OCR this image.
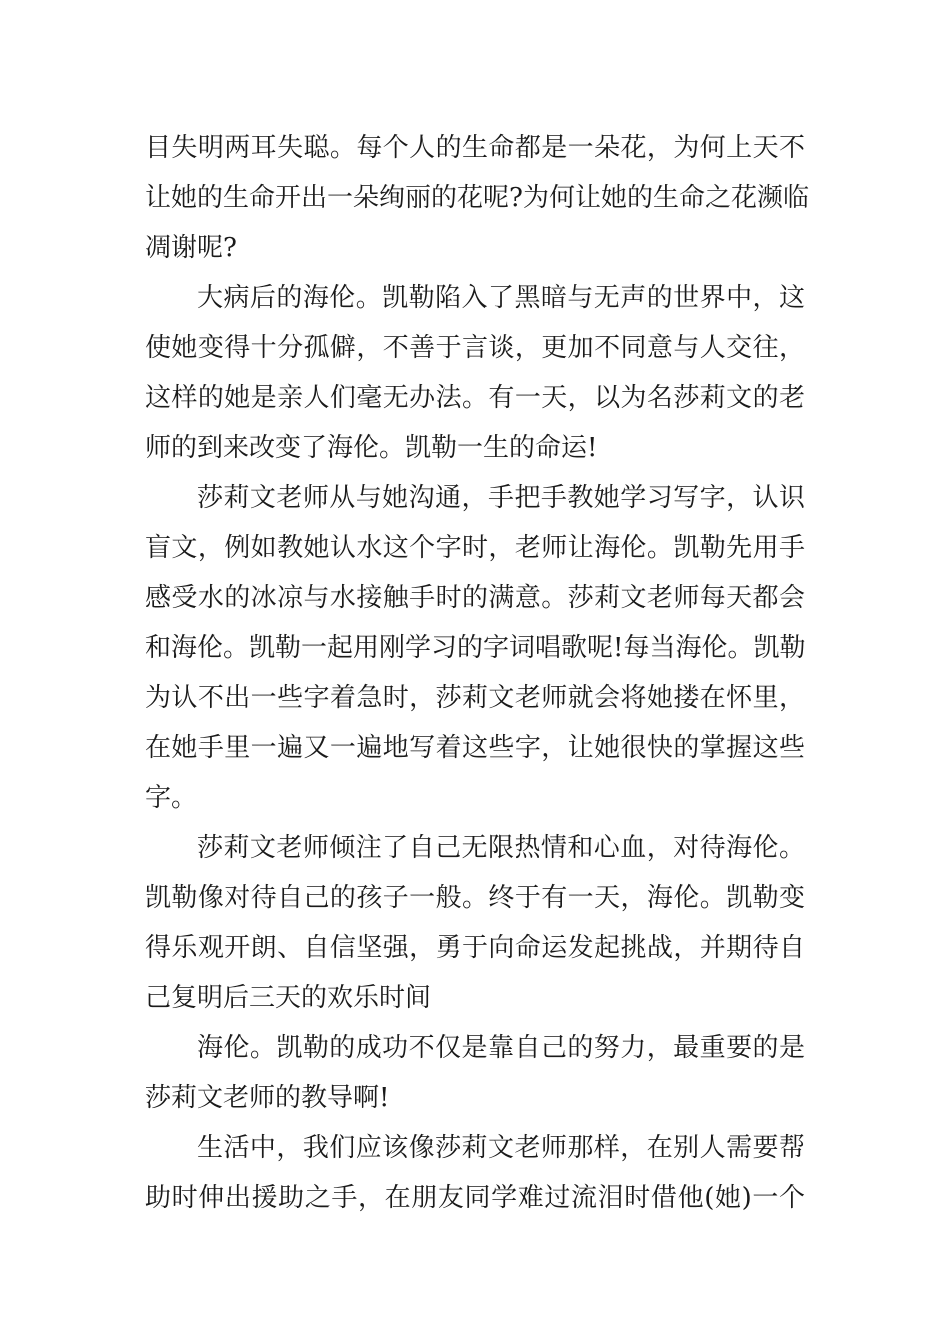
目失明两耳失聪。每个人的生命都是一朵花，为何上天不
让她的生命开出一朵绚丽的花呢?为何让她的生命之花濒临
凋谢呢?
大病后的海伦。凯勒陷入了黑暗与无声的世界中，这
使她变得十分孤僻，不善于言谈，更加不同意与人交往，
这样的她是亲人们毫无办法。有一天，以为名莎莉文的老
师的到来改变了海伦。凯勒一生的命运!
莎莉文老师从与她沟通，手把手教她学习写字，认识
盲文，例如教她认水这个字时，老师让海伦。凯勒先用手
感受水的冰凉与水接触手时的满意。莎莉文老师每天都会
和海伦。凯勒一起用刚学习的字词唱歌呢!每当海伦。凯勒
为认不出一些字着急时，莎莉文老师就会将她搂在怀里，
在她手里一遍又一遍地写着这些字，让她很快的掌握这些
字。
莎莉文老师倾注了自己无限热情和心血，对待海伦。
凯勒像对待自己的孩子一般。终于有一天，海伦。凯勒变
得乐观开朗、自信坚强，勇于向命运发起挑战，并期待自
己复明后三天的欢乐时间
海伦。凯勒的成功不仅是靠自己的努力，最重要的是
莎莉文老师的教导啊!
生活中，我们应该像莎莉文老师那样，在别人需要帮
助时伸出援助之手，在朋友同学难过流泪时借他(她)一个
